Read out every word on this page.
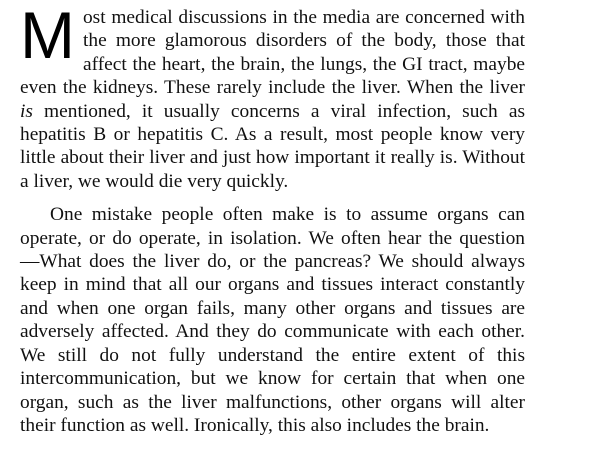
Most medical discussions in the media are concerned with the more glamorous disorders of the body, those that affect the heart, the brain, the lungs, the GI tract, maybe even the kidneys. These rarely include the liver. When the liver is mentioned, it usually concerns a viral infection, such as hepatitis B or hepatitis C. As a result, most people know very little about their liver and just how important it really is. Without a liver, we would die very quickly.

One mistake people often make is to assume organs can operate, or do operate, in isolation. We often hear the question —What does the liver do, or the pancreas? We should always keep in mind that all our organs and tissues interact constantly and when one organ fails, many other organs and tissues are adversely affected. And they do communicate with each other. We still do not fully understand the entire extent of this intercommunication, but we know for certain that when one organ, such as the liver malfunctions, other organs will alter their function as well. Ironically, this also includes the brain.
